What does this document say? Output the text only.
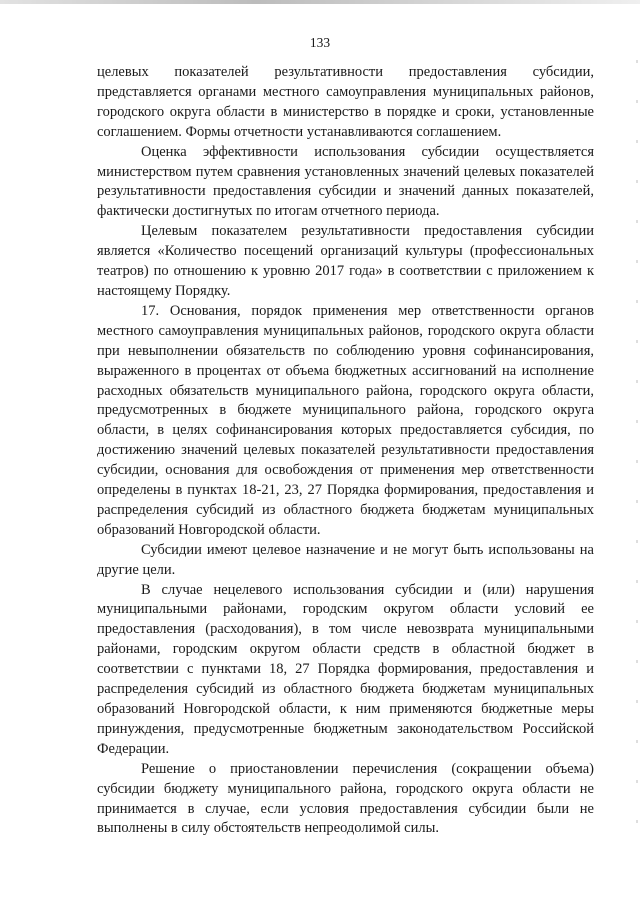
133

целевых показателей результативности предоставления субсидии, представляется органами местного самоуправления муниципальных районов, городского округа области в министерство в порядке и сроки, установленные соглашением. Формы отчетности устанавливаются соглашением.

Оценка эффективности использования субсидии осуществляется министерством путем сравнения установленных значений целевых показателей результативности предоставления субсидии и значений данных показателей, фактически достигнутых по итогам отчетного периода.

Целевым показателем результативности предоставления субсидии является «Количество посещений организаций культуры (профессиональных театров) по отношению к уровню 2017 года» в соответствии с приложением к настоящему Порядку.

17. Основания, порядок применения мер ответственности органов местного самоуправления муниципальных районов, городского округа области при невыполнении обязательств по соблюдению уровня софинансирования, выраженного в процентах от объема бюджетных ассигнований на исполнение расходных обязательств муниципального района, городского округа области, предусмотренных в бюджете муниципального района, городского округа области, в целях софинансирования которых предоставляется субсидия, по достижению значений целевых показателей результативности предоставления субсидии, основания для освобождения от применения мер ответственности определены в пунктах 18-21, 23, 27 Порядка формирования, предоставления и распределения субсидий из областного бюджета бюджетам муниципальных образований Новгородской области.

Субсидии имеют целевое назначение и не могут быть использованы на другие цели.

В случае нецелевого использования субсидии и (или) нарушения муниципальными районами, городским округом области условий ее предоставления (расходования), в том числе невозврата муниципальными районами, городским округом области средств в областной бюджет в соответствии с пунктами 18, 27 Порядка формирования, предоставления и распределения субсидий из областного бюджета бюджетам муниципальных образований Новгородской области, к ним применяются бюджетные меры принуждения, предусмотренные бюджетным законодательством Российской Федерации.

Решение о приостановлении перечисления (сокращении объема) субсидии бюджету муниципального района, городского округа области не принимается в случае, если условия предоставления субсидии были не выполнены в силу обстоятельств непреодолимой силы.
